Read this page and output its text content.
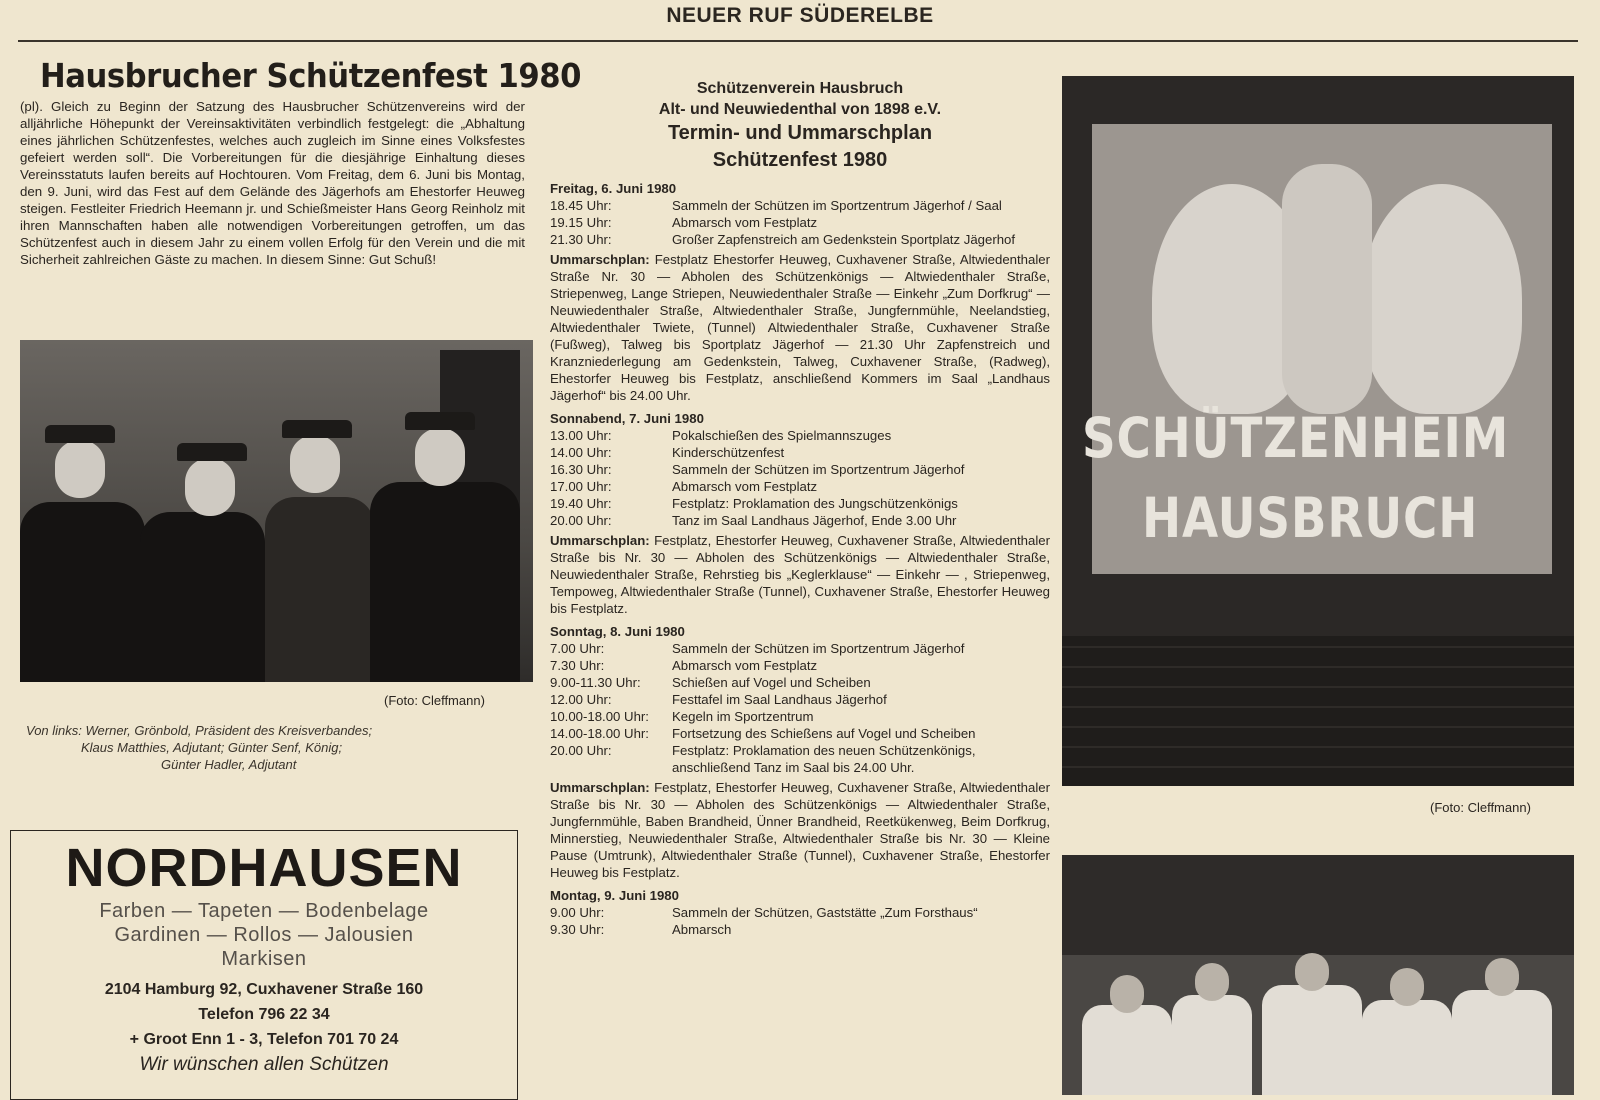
NEUER RUF SÜDERELBE
Hausbrucher Schützenfest 1980
(pl). Gleich zu Beginn der Satzung des Hausbrucher Schützenvereins wird der alljährliche Höhepunkt der Vereinsaktivitäten verbindlich festgelegt: die „Abhaltung eines jährlichen Schützenfestes, welches auch zugleich im Sinne eines Volksfestes gefeiert werden soll“. Die Vorbereitungen für die diesjährige Einhaltung dieses Vereinsstatuts laufen bereits auf Hochtouren. Vom Freitag, dem 6. Juni bis Montag, den 9. Juni, wird das Fest auf dem Gelände des Jägerhofs am Ehestorfer Heuweg steigen. Festleiter Friedrich Heemann jr. und Schießmeister Hans Georg Reinholz mit ihren Mannschaften haben alle notwendigen Vorbereitungen getroffen, um das Schützenfest auch in diesem Jahr zu einem vollen Erfolg für den Verein und die mit Sicherheit zahlreichen Gäste zu machen. In diesem Sinne: Gut Schuß!
(Foto: Cleffmann)
Von links: Werner, Grönbold, Präsident des Kreisverbandes;
Klaus Matthies, Adjutant; Günter Senf, König;
Günter Hadler, Adjutant
NORDHAUSEN
Farben — Tapeten — Bodenbelage
Gardinen — Rollos — Jalousien
Markisen
2104 Hamburg 92, Cuxhavener Straße 160
Telefon 796 22 34
+ Groot Enn 1 - 3, Telefon 701 70 24
Wir wünschen allen Schützen
Schützenverein Hausbruch
Alt- und Neuwiedenthal von 1898 e.V.
Termin- und Ummarschplan
Schützenfest 1980
Freitag, 6. Juni 1980
18.45 Uhr:	Sammeln der Schützen im Sportzentrum Jägerhof / Saal
19.15 Uhr:	Abmarsch vom Festplatz
21.30 Uhr:	Großer Zapfenstreich am Gedenkstein Sportplatz Jägerhof
Ummarschplan: Festplatz Ehestorfer Heuweg, Cuxhavener Straße, Altwiedenthaler Straße Nr. 30 — Abholen des Schützenkönigs — Altwiedenthaler Straße, Striepenweg, Lange Striepen, Neuwiedenthaler Straße — Einkehr „Zum Dorfkrug“ — Neuwiedenthaler Straße, Altwiedenthaler Straße, Jungfernmühle, Neelandstieg, Altwiedenthaler Twiete, (Tunnel) Altwiedenthaler Straße, Cuxhavener Straße (Fußweg), Talweg bis Sportplatz Jägerhof — 21.30 Uhr Zapfenstreich und Kranzniederlegung am Gedenkstein, Talweg, Cuxhavener Straße, (Radweg), Ehestorfer Heuweg bis Festplatz, anschließend Kommers im Saal „Landhaus Jägerhof“ bis 24.00 Uhr.
Sonnabend, 7. Juni 1980
13.00 Uhr:	Pokalschießen des Spielmannszuges
14.00 Uhr:	Kinderschützenfest
16.30 Uhr:	Sammeln der Schützen im Sportzentrum Jägerhof
17.00 Uhr:	Abmarsch vom Festplatz
19.40 Uhr:	Festplatz: Proklamation des Jungschützenkönigs
20.00 Uhr:	Tanz im Saal Landhaus Jägerhof, Ende 3.00 Uhr
Ummarschplan: Festplatz, Ehestorfer Heuweg, Cuxhavener Straße, Altwiedenthaler Straße bis Nr. 30 — Abholen des Schützenkönigs — Altwiedenthaler Straße, Neuwiedenthaler Straße, Rehrstieg bis „Keglerklause“ — Einkehr — , Striepenweg, Tempoweg, Altwiedenthaler Straße (Tunnel), Cuxhavener Straße, Ehestorfer Heuweg bis Festplatz.
Sonntag, 8. Juni 1980
7.00 Uhr:	Sammeln der Schützen im Sportzentrum Jägerhof
7.30 Uhr:	Abmarsch vom Festplatz
9.00-11.30 Uhr:	Schießen auf Vogel und Scheiben
12.00 Uhr:	Festtafel im Saal Landhaus Jägerhof
10.00-18.00 Uhr:	Kegeln im Sportzentrum
14.00-18.00 Uhr:	Fortsetzung des Schießens auf Vogel und Scheiben
20.00 Uhr:	Festplatz: Proklamation des neuen Schützenkönigs, anschließend Tanz im Saal bis 24.00 Uhr.
Ummarschplan: Festplatz, Ehestorfer Heuweg, Cuxhavener Straße, Altwiedenthaler Straße bis Nr. 30 — Abholen des Schützenkönigs — Altwiedenthaler Straße, Jungfernmühle, Baben Brandheid, Ünner Brandheid, Reetkükenweg, Beim Dorfkrug, Minnerstieg, Neuwiedenthaler Straße, Altwiedenthaler Straße bis Nr. 30 — Kleine Pause (Umtrunk), Altwiedenthaler Straße (Tunnel), Cuxhavener Straße, Ehestorfer Heuweg bis Festplatz.
Montag, 9. Juni 1980
9.00 Uhr:	Sammeln der Schützen, Gaststätte „Zum Forsthaus“
9.30 Uhr:	Abmarsch
SCHÜTZENHEIM
HAUSBRUCH
(Foto: Cleffmann)
